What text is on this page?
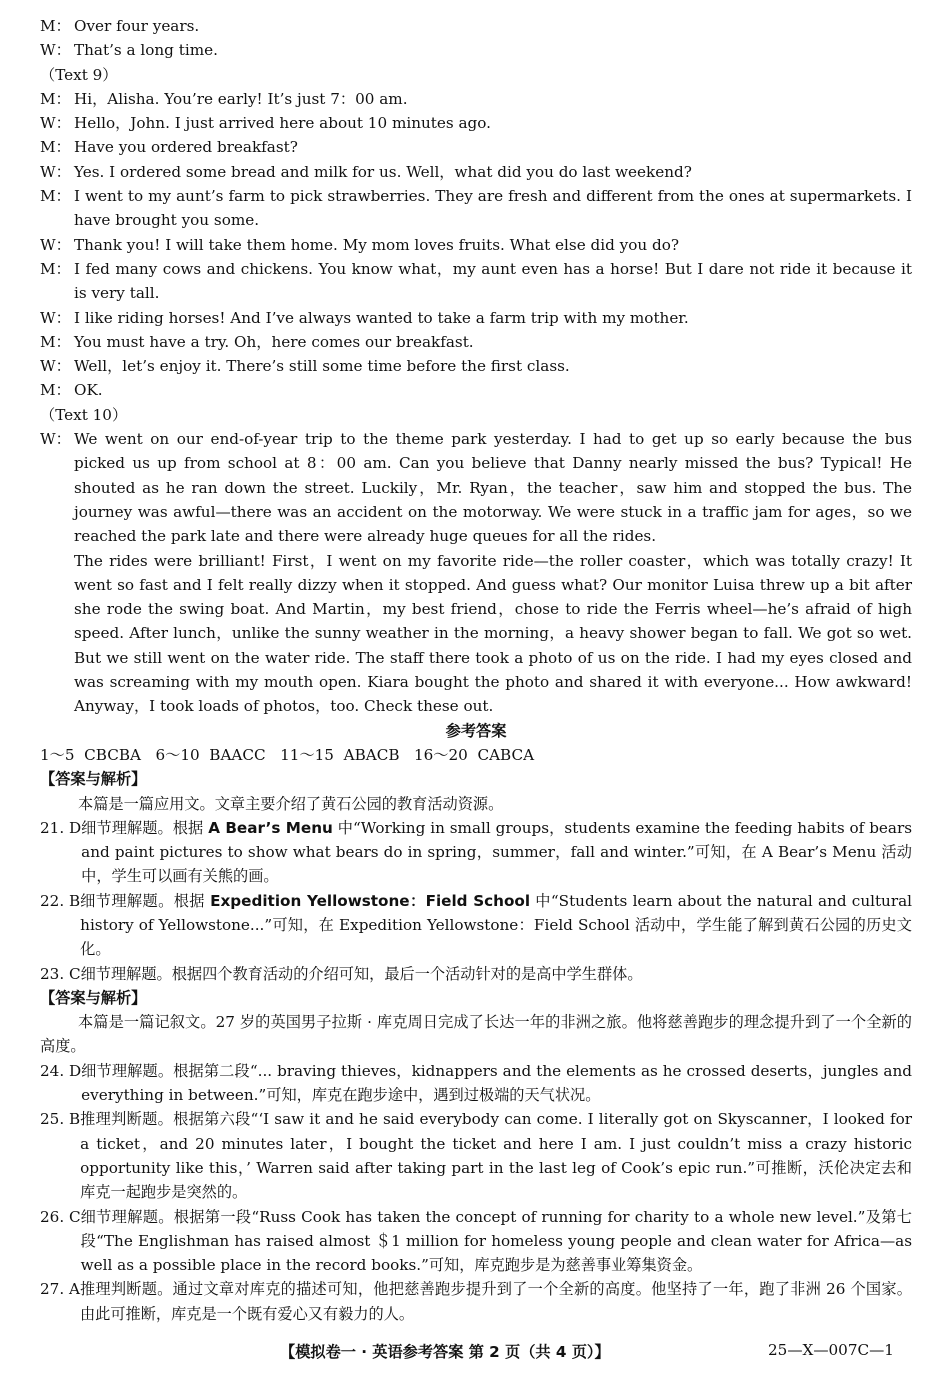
M： Over four years.
W： That’s a long time.
（Text 9）
M： Hi，Alisha. You’re early! It’s just 7：00 am.
W： Hello，John. I just arrived here about 10 minutes ago.
M： Have you ordered breakfast?
W： Yes. I ordered some bread and milk for us. Well，what did you do last weekend?
M： I went to my aunt’s farm to pick strawberries. They are fresh and different from the ones at supermarkets. I have brought you some.
W： Thank you! I will take them home. My mom loves fruits. What else did you do?
M： I fed many cows and chickens. You know what，my aunt even has a horse! But I dare not ride it because it is very tall.
W： I like riding horses! And I’ve always wanted to take a farm trip with my mother.
M： You must have a try. Oh，here comes our breakfast.
W： Well，let’s enjoy it. There’s still some time before the first class.
M： OK.
（Text 10）
W： We went on our end-of-year trip to the theme park yesterday. I had to get up so early because the bus picked us up from school at 8：00 am. Can you believe that Danny nearly missed the bus? Typical! He shouted as he ran down the street. Luckily，Mr. Ryan，the teacher，saw him and stopped the bus. The journey was awful—there was an accident on the motorway. We were stuck in a traffic jam for ages，so we reached the park late and there were already huge queues for all the rides.
The rides were brilliant! First，I went on my favorite ride—the roller coaster，which was totally crazy! It went so fast and I felt really dizzy when it stopped. And guess what? Our monitor Luisa threw up a bit after she rode the swing boat. And Martin，my best friend，chose to ride the Ferris wheel—he’s afraid of high speed. After lunch，unlike the sunny weather in the morning，a heavy shower began to fall. We got so wet. But we still went on the water ride. The staff there took a photo of us on the ride. I had my eyes closed and was screaming with my mouth open. Kiara bought the photo and shared it with everyone... How awkward! Anyway，I took loads of photos，too. Check these out.
参考答案
1～5  CBCBA   6～10  BAACC   11～15  ABACB   16～20  CABCA
【答案与解析】
本篇是一篇应用文。文章主要介绍了黄石公园的教育活动资源。
21. D 细节理解题。根据 A Bear’s Menu 中“Working in small groups，students examine the feeding habits of bears and paint pictures to show what bears do in spring，summer，fall and winter.”可知，在 A Bear’s Menu 活动中，学生可以画有关熊的画。
22. B 细节理解题。根据 Expedition Yellowstone：Field School 中“Students learn about the natural and cultural history of Yellowstone...”可知，在 Expedition Yellowstone：Field School 活动中，学生能了解到黄石公园的历史文化。
23. C 细节理解题。根据四个教育活动的介绍可知，最后一个活动针对的是高中学生群体。
【答案与解析】
本篇是一篇记叙文。27 岁的英国男子拉斯 · 库克周日完成了长达一年的非洲之旅。他将慈善跑步的理念提升到了一个全新的高度。
24. D 细节理解题。根据第二段“... braving thieves，kidnappers and the elements as he crossed deserts，jungles and everything in between.”可知，库克在跑步途中，遇到过极端的天气状况。
25. B 推理判断题。根据第六段“‘I saw it and he said everybody can come. I literally got on Skyscanner，I looked for a ticket，and 20 minutes later，I bought the ticket and here I am. I just couldn’t miss a crazy historic opportunity like this，’ Warren said after taking part in the last leg of Cook’s epic run.”可推断，沃伦决定去和库克一起跑步是突然的。
26. C 细节理解题。根据第一段“Russ Cook has taken the concept of running for charity to a whole new level.”及第七段“The Englishman has raised almost ＄1 million for homeless young people and clean water for Africa—as well as a possible place in the record books.”可知，库克跑步是为慈善事业筹集资金。
27. A 推理判断题。通过文章对库克的描述可知，他把慈善跑步提升到了一个全新的高度。他坚持了一年，跑了非洲 26 个国家。由此可推断，库克是一个既有爱心又有毅力的人。
【模拟卷一 · 英语参考答案 第 2 页（共 4 页）】	25—X—007C—1
